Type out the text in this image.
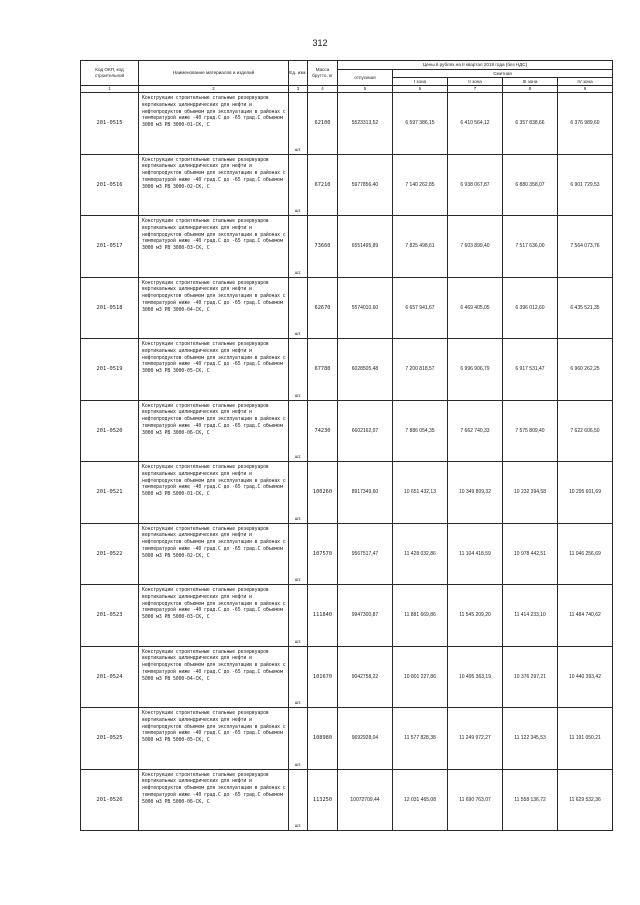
312
Код ОКП, код строительной	Наименование материалов и изделий	Ед. изм.	Масса брутто, кг	Цены в рублях на II квартал 2018 года (без НДС)				
				отпускная	Сметная			
					I зона	II зона	III зона	IV зона
1	2	3	4	5	6	7	8	9
201-0515	Конструкции строительные стальные резервуаров вертикальных цилиндрических для нефти и нефтепродуктов объемом для эксплуатации в районах с температурой ниже -40 град.С до -65 град.С объемом 3000 м3 РВ 3000-01-СК, С	шт.	62100	5523313,52	6 597 386,15	6 410 564,12	6 357 838,66	6 376 989,60
201-0516	Конструкции строительные стальные резервуаров вертикальных цилиндрических для нефти и нефтепродуктов объемом для эксплуатации в районах с температурой ниже -40 град.С до -65 град.С объемом 3000 м3 РВ 3000-02-СК, С	шт.	67210	5977856,40	7 140 262,85	6 938 067,87	6 880 358,07	6 901 729,53
201-0517	Конструкции строительные стальные резервуаров вертикальных цилиндрических для нефти и нефтепродуктов объемом для эксплуатации в районах с температурой ниже -40 град.С до -65 град.С объемом 3000 м3 РВ 3000-03-СК, С	шт.	73660	6551495,89	7 825 498,61	7 603 899,40	7 517 636,00	7 564 073,76
201-0518	Конструкции строительные стальные резервуаров вертикальных цилиндрических для нефти и нефтепродуктов объемом для эксплуатации в районах с температурой ниже -40 град.С до -65 град.С объемом 3000 м3 РВ 3000-04-СК, С	шт.	62670	5574010,60	6 657 941,67	6 469 405,05	6 396 012,60	6 435 521,35
201-0519	Конструкции строительные стальные резервуаров вертикальных цилиндрических для нефти и нефтепродуктов объемом для эксплуатации в районах с температурой ниже -40 град.С до -65 град.С объемом 3000 м3 РВ 3000-05-СК, С	шт.	67780	6028505,48	7 200 818,57	6 996 906,79	6 917 531,47	6 960 262,25
201-0520	Конструкции строительные стальные резервуаров вертикальных цилиндрических для нефти и нефтепродуктов объемом для эксплуатации в районах с температурой ниже -40 град.С до -65 град.С объемом 3000 м3 РВ 3000-06-СК, С	шт.	74230	6602162,97	7 886 054,35	7 662 740,33	7 575 809,40	7 622 606,50
201-0521	Конструкции строительные стальные резервуаров вертикальных цилиндрических для нефти и нефтепродуктов объемом для эксплуатации в районах с температурой ниже -40 град.С до -65 град.С объемом 5000 м3 РВ 5000-01-СК, С	шт.	100260	8917349,60	10 651 432,13	10 349 809,32	10 232 394,58	10 295 601,69
201-0522	Конструкции строительные стальные резервуаров вертикальных цилиндрических для нефти и нефтепродуктов объемом для эксплуатации в районах с температурой ниже -40 град.С до -65 град.С объемом 5000 м3 РВ 5000-02-СК, С	шт.	107570	9567517,47	11 428 032,86	11 104 418,59	10 978 442,51	11 046 256,69
201-0523	Конструкции строительные стальные резервуаров вертикальных цилиндрических для нефти и нефтепродуктов объемом для эксплуатации в районах с температурой ниже -40 град.С до -65 град.С объемом 5000 м3 РВ 5000-03-СК, С	шт.	111840	9947300,87	11 881 669,86	11 545 209,20	11 414 233,10	11 484 740,62
201-0524	Конструкции строительные стальные резервуаров вертикальных цилиндрических для нефти и нефтепродуктов объемом для эксплуатации в районах с температурой ниже -40 град.С до -65 град.С объемом 5000 м3 РВ 5000-04-СК, С	шт.	101670	9042758,22	10 801 227,86	10 495 363,19	10 376 297,21	10 440 393,42
201-0525	Конструкции строительные стальные резервуаров вертикальных цилиндрических для нефти и нефтепродуктов объемом для эксплуатации в районах с температурой ниже -40 град.С до -65 град.С объемом 5000 м3 РВ 5000-05-СК, С	шт.	108980	9692928,04	11 577 828,38	11 249 972,27	11 122 345,53	11 191 050,21
201-0526	Конструкции строительные стальные резервуаров вертикальных цилиндрических для нефти и нефтепродуктов объемом для эксплуатации в районах с температурой ниже -40 град.С до -65 град.С объемом 5000 м3 РВ 5000-06-СК, С	шт.	113250	10072709,44	12 031 465,08	11 690 763,07	11 558 136,72	11 629 532,36
